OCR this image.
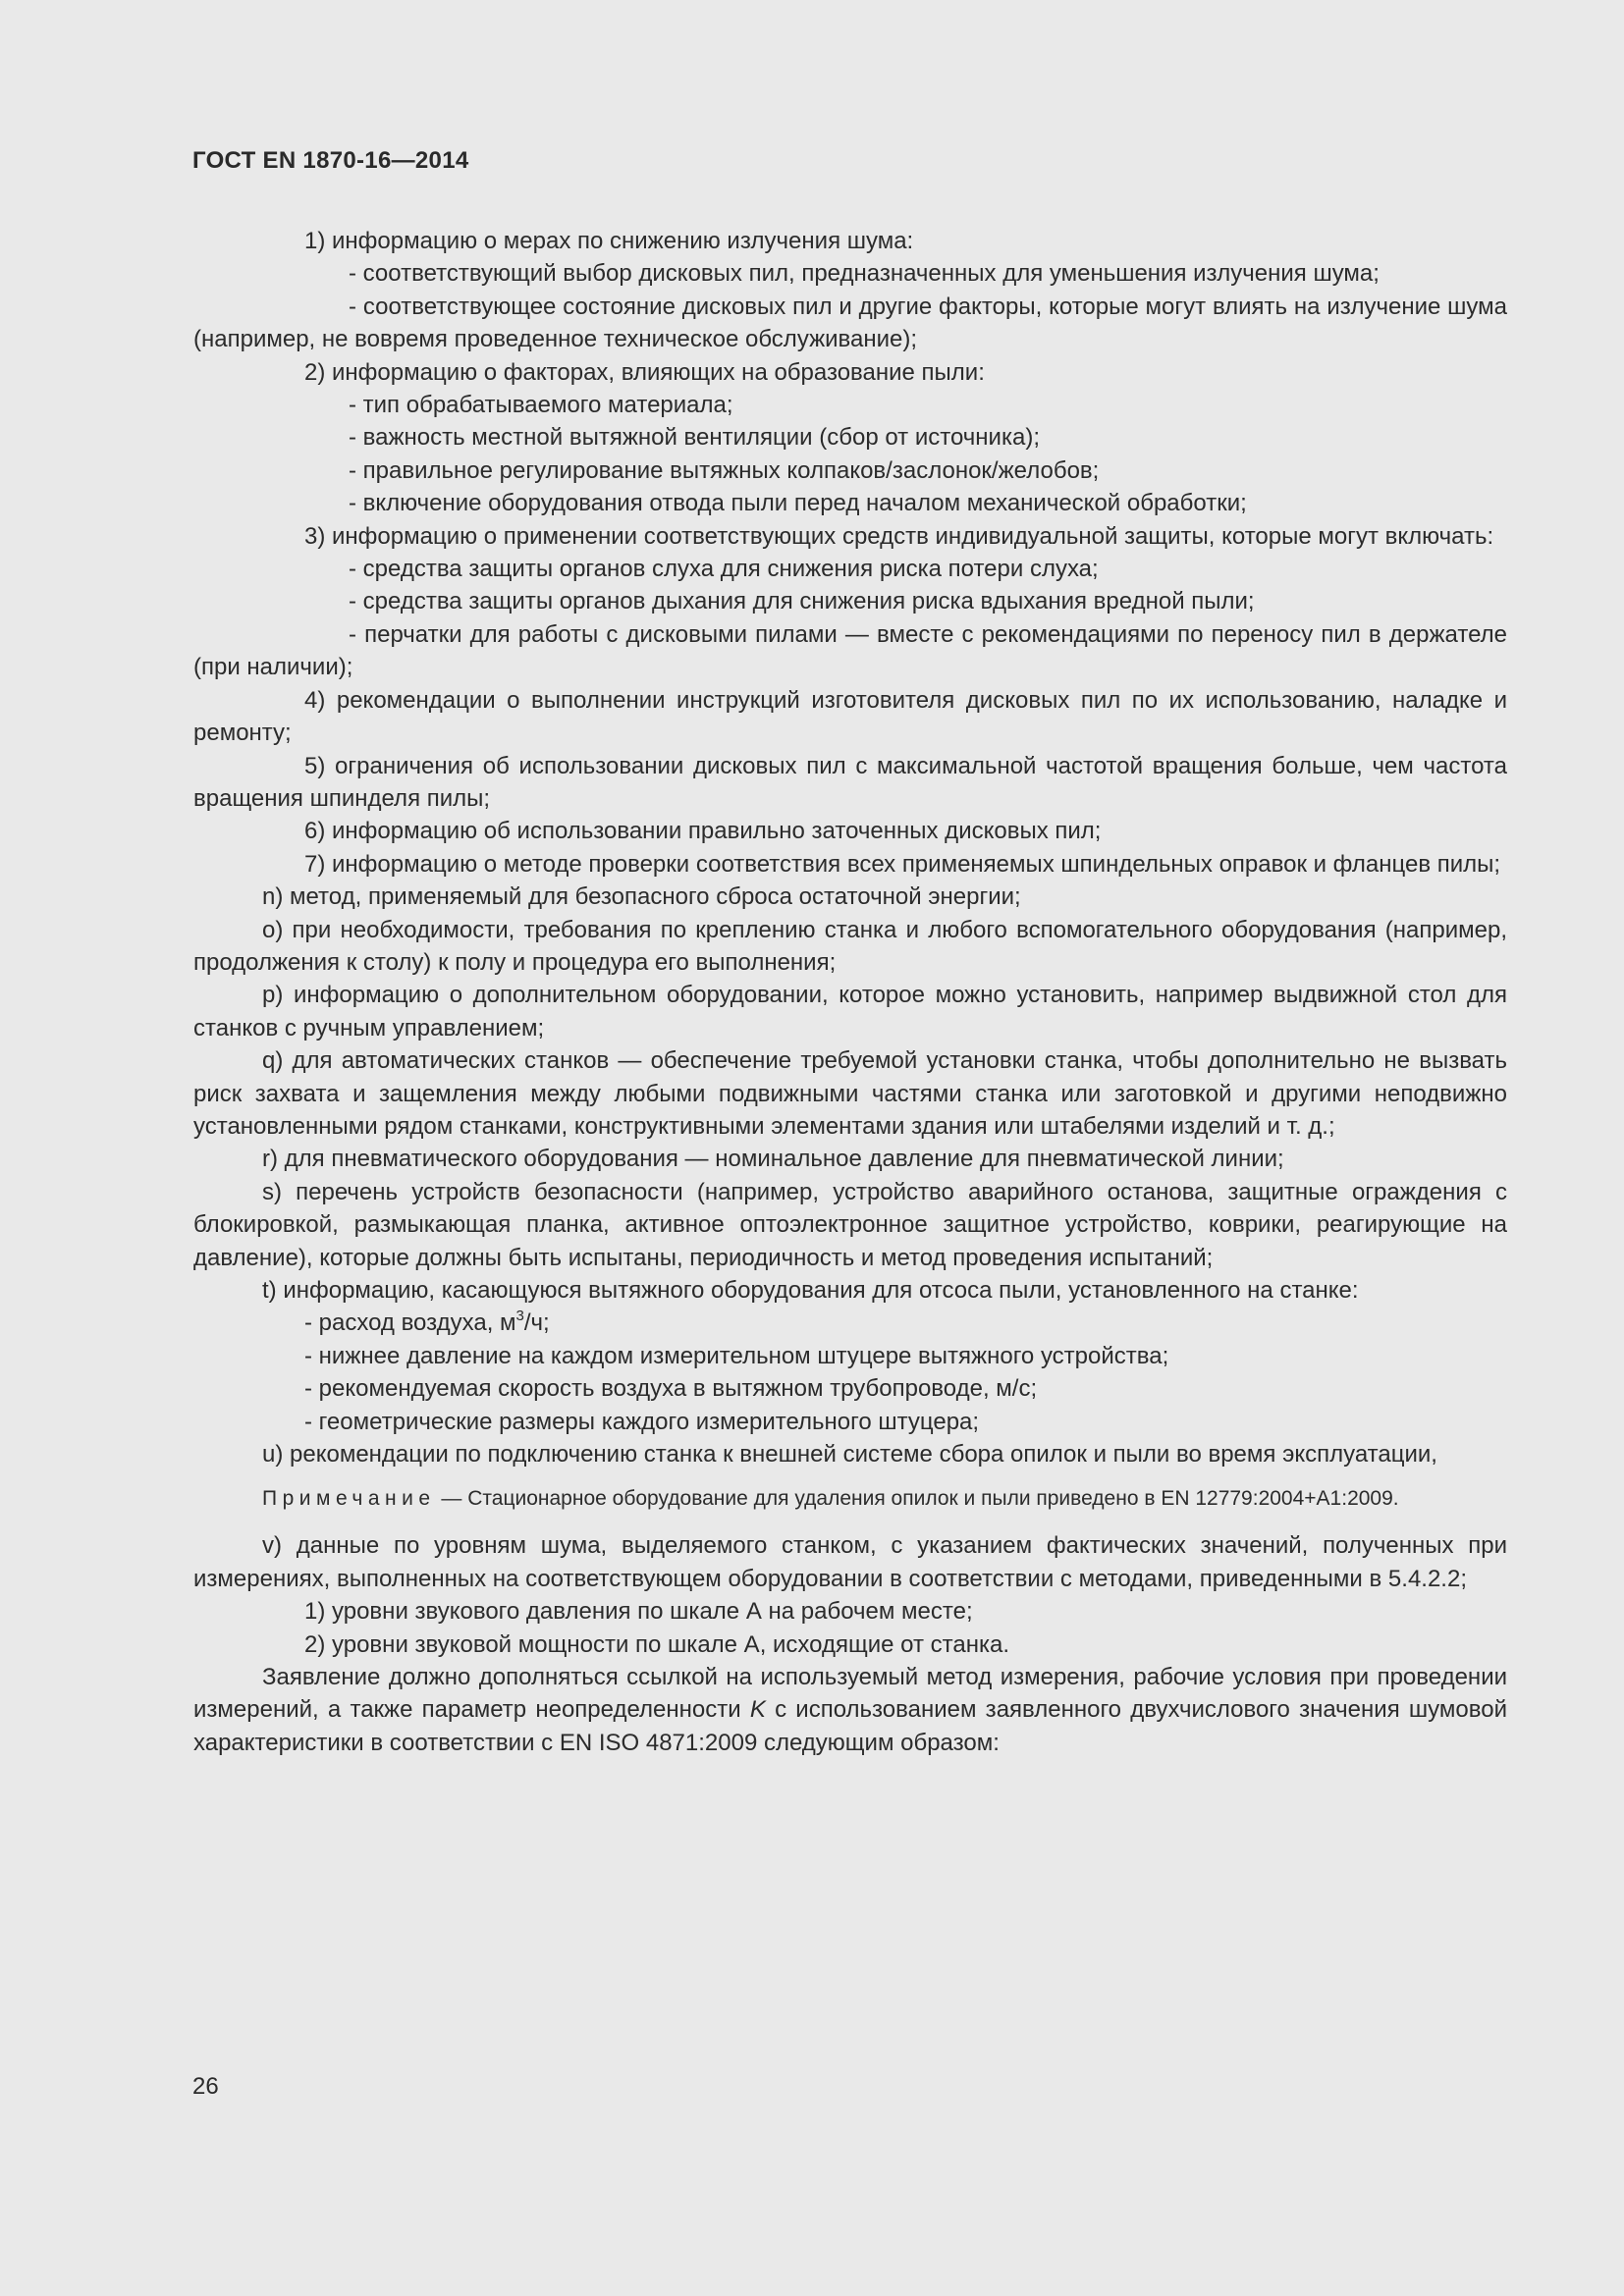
ГОСТ EN 1870-16—2014

1) информацию о мерах по снижению излучения шума:

- соответствующий выбор дисковых пил, предназначенных для уменьшения излучения шума;

- соответствующее состояние дисковых пил и другие факторы, которые могут влиять на излучение шума (например, не вовремя проведенное техническое обслуживание);

2) информацию о факторах, влияющих на образование пыли:

- тип обрабатываемого материала;

- важность местной вытяжной вентиляции (сбор от источника);

- правильное регулирование вытяжных колпаков/заслонок/желобов;

- включение оборудования отвода пыли перед началом механической обработки;

3) информацию о применении соответствующих средств индивидуальной защиты, которые могут включать:

- средства защиты органов слуха для снижения риска потери слуха;

- средства защиты органов дыхания для снижения риска вдыхания вредной пыли;

- перчатки для работы с дисковыми пилами — вместе с рекомендациями по переносу пил в держателе (при наличии);

4) рекомендации о выполнении инструкций изготовителя дисковых пил по их использованию, наладке и ремонту;

5) ограничения об использовании дисковых пил с максимальной частотой вращения больше, чем частота вращения шпинделя пилы;

6) информацию об использовании правильно заточенных дисковых пил;

7) информацию о методе проверки соответствия всех применяемых шпиндельных оправок и фланцев пилы;

n) метод, применяемый для безопасного сброса остаточной энергии;

o) при необходимости, требования по креплению станка и любого вспомогательного оборудования (например, продолжения к столу) к полу и процедура его выполнения;

p) информацию о дополнительном оборудовании, которое можно установить, например выдвижной стол для станков с ручным управлением;

q) для автоматических станков — обеспечение требуемой установки станка, чтобы дополнительно не вызвать риск захвата и защемления между любыми подвижными частями станка или заготовкой и другими неподвижно установленными рядом станками, конструктивными элементами здания или штабелями изделий и т. д.;

r) для пневматического оборудования — номинальное давление для пневматической линии;

s) перечень устройств безопасности (например, устройство аварийного останова, защитные ограждения с блокировкой, размыкающая планка, активное оптоэлектронное защитное устройство, коврики, реагирующие на давление), которые должны быть испытаны, периодичность и метод проведения испытаний;

t) информацию, касающуюся вытяжного оборудования для отсоса пыли, установленного на станке:

- расход воздуха, $м^3/ч$;

- нижнее давление на каждом измерительном штуцере вытяжного устройства;

- рекомендуемая скорость воздуха в вытяжном трубопроводе, м/с;

- геометрические размеры каждого измерительного штуцера;

u) рекомендации по подключению станка к внешней системе сбора опилок и пыли во время эксплуатации,

Примечание — Стационарное оборудование для удаления опилок и пыли приведено в EN 12779:2004+A1:2009.

v) данные по уровням шума, выделяемого станком, с указанием фактических значений, полученных при измерениях, выполненных на соответствующем оборудовании в соответствии с методами, приведенными в 5.4.2.2;

1) уровни звукового давления по шкале А на рабочем месте;

2) уровни звуковой мощности по шкале А, исходящие от станка.

Заявление должно дополняться ссылкой на используемый метод измерения, рабочие условия при проведении измерений, а также параметр неопределенности K с использованием заявленного двухчислового значения шумовой характеристики в соответствии с EN ISO 4871:2009 следующим образом:

26
